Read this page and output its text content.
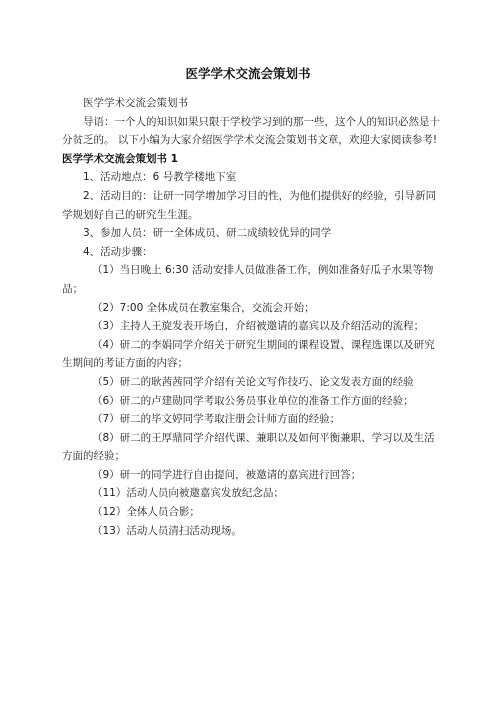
医学学术交流会策划书

医学学术交流会策划书

导语：一个人的知识如果只限于学校学习到的那一些，这个人的知识必然是十分贫乏的。 以下小编为大家介绍医学学术交流会策划书文章，欢迎大家阅读参考!

医学学术交流会策划书 1

1、活动地点：6 号教学楼地下室

2、活动目的：让研一同学增加学习目的性，为他们提供好的经验，引导新同学规划好自己的研究生生涯。

3、参加人员：研一全体成员、研二成绩较优异的同学

4、活动步骤：

（1）当日晚上 6:30 活动安排人员做准备工作，例如准备好瓜子水果等物品；

（2）7:00 全体成员在教室集合，交流会开始；

（3）主持人王旋发表开场白，介绍被邀请的嘉宾以及介绍活动的流程；

（4）研二的李娟同学介绍关于研究生期间的课程设置、课程选课以及研究生期间的考证方面的内容；

（5）研二的耿茜茜同学介绍有关论文写作技巧、论文发表方面的经验

（6）研二的卢建勋同学考取公务员事业单位的准备工作方面的经验；

（7）研二的毕文婷同学考取注册会计师方面的经验；

（8）研二的王厚鼎同学介绍代课、兼职以及如何平衡兼职、学习以及生活方面的经验；

（9）研一的同学进行自由提问，被邀请的嘉宾进行回答；

（11）活动人员向被邀嘉宾发放纪念品；

（12）全体人员合影；

（13）活动人员清扫活动现场。
